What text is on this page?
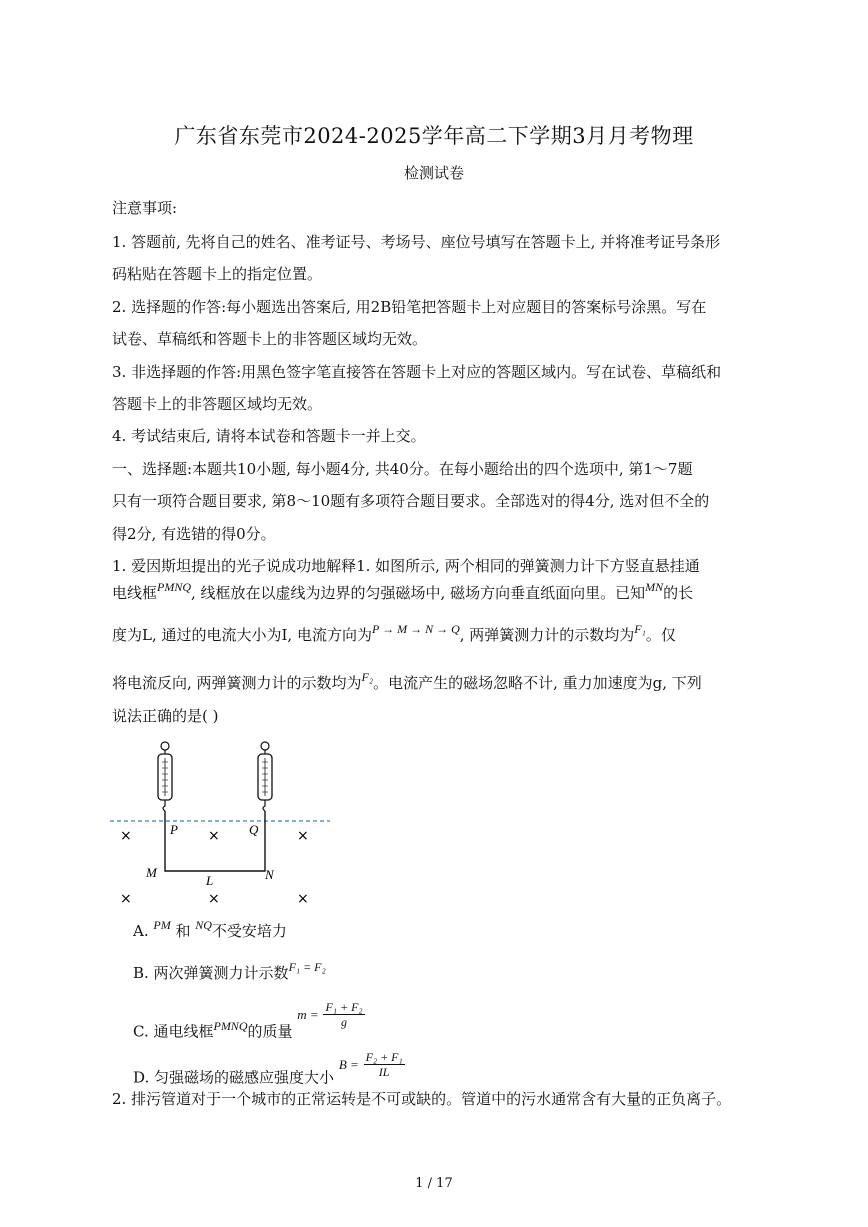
广东省东莞市2024-2025学年高二下学期3月月考物理
检测试卷
注意事项:
1. 答题前, 先将自己的姓名、准考证号、考场号、座位号填写在答题卡上, 并将准考证号条形
码粘贴在答题卡上的指定位置。
2. 选择题的作答:每小题选出答案后, 用2B铅笔把答题卡上对应题目的答案标号涂黑。写在
试卷、草稿纸和答题卡上的非答题区域均无效。
3. 非选择题的作答:用黑色签字笔直接答在答题卡上对应的答题区域内。写在试卷、草稿纸和
答题卡上的非答题区域均无效。
4. 考试结束后, 请将本试卷和答题卡一并上交。
一、选择题:本题共10小题, 每小题4分, 共40分。在每小题给出的四个选项中, 第1～7题
只有一项符合题目要求, 第8～10题有多项符合题目要求。全部选对的得4分, 选对但不全的
得2分, 有选错的得0分。
1. 爱因斯坦提出的光子说成功地解释1. 如图所示, 两个相同的弹簧测力计下方竖直悬挂通
电线框$^{PMNQ}$, 线框放在以虚线为边界的匀强磁场中, 磁场方向垂直纸面向里。已知$^{MN}$的长
度为L, 通过的电流大小为I, 电流方向为$^{P \to M \to N \to Q}$, 两弹簧测力计的示数均为$^{F_1}$。仅
将电流反向, 两弹簧测力计的示数均为$^{F_2}$。电流产生的磁场忽略不计, 重力加速度为g, 下列
说法正确的是( )
P	Q
M	N
L
×	×	×
×	×	×
A. $^{PM}$ 和 $^{NQ}$不受安培力
B. 两次弹簧测力计示数$^{F_1 = F_2}$
C. 通电线框$^{PMNQ}$的质量 $m = \frac{\text{F₁ + F₂}}{g}$
D. 匀强磁场的磁感应强度大小 $B = \frac{\text{F₂ + F₁}}{IL}$
2. 排污管道对于一个城市的正常运转是不可或缺的。管道中的污水通常含有大量的正负离子。
1 / 17
